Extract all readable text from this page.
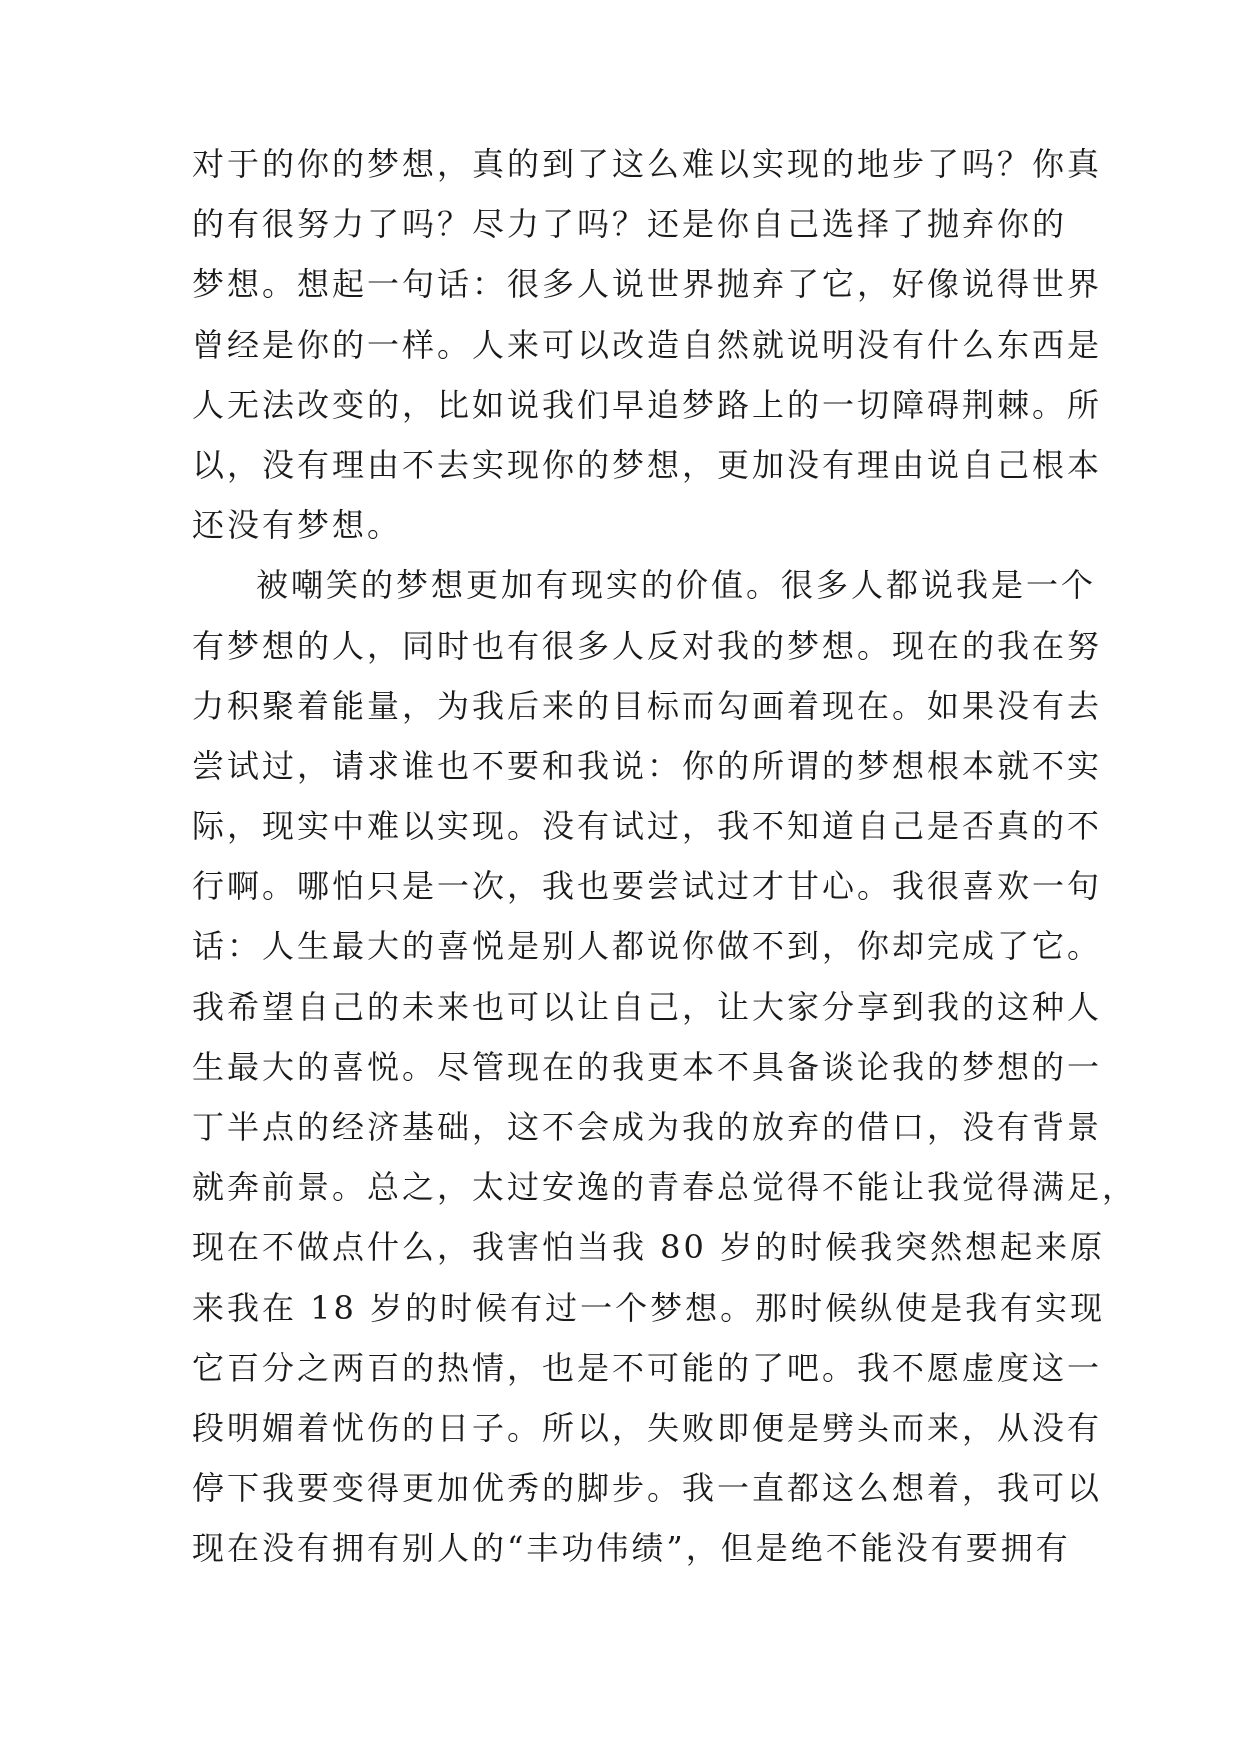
对于的你的梦想，真的到了这么难以实现的地步了吗？你真
的有很努力了吗？尽力了吗？还是你自己选择了抛弃你的
梦想。想起一句话：很多人说世界抛弃了它，好像说得世界
曾经是你的一样。人来可以改造自然就说明没有什么东西是
人无法改变的，比如说我们早追梦路上的一切障碍荆棘。所
以，没有理由不去实现你的梦想，更加没有理由说自己根本
还没有梦想。
被嘲笑的梦想更加有现实的价值。很多人都说我是一个
有梦想的人，同时也有很多人反对我的梦想。现在的我在努
力积聚着能量，为我后来的目标而勾画着现在。如果没有去
尝试过，请求谁也不要和我说：你的所谓的梦想根本就不实
际，现实中难以实现。没有试过，我不知道自己是否真的不
行啊。哪怕只是一次，我也要尝试过才甘心。我很喜欢一句
话：人生最大的喜悦是别人都说你做不到，你却完成了它。
我希望自己的未来也可以让自己，让大家分享到我的这种人
生最大的喜悦。尽管现在的我更本不具备谈论我的梦想的一
丁半点的经济基础，这不会成为我的放弃的借口，没有背景
就奔前景。总之，太过安逸的青春总觉得不能让我觉得满足，
现在不做点什么，我害怕当我 80 岁的时候我突然想起来原
来我在 18 岁的时候有过一个梦想。那时候纵使是我有实现
它百分之两百的热情，也是不可能的了吧。我不愿虚度这一
段明媚着忧伤的日子。所以，失败即便是劈头而来，从没有
停下我要变得更加优秀的脚步。我一直都这么想着，我可以
现在没有拥有别人的“丰功伟绩”，但是绝不能没有要拥有
